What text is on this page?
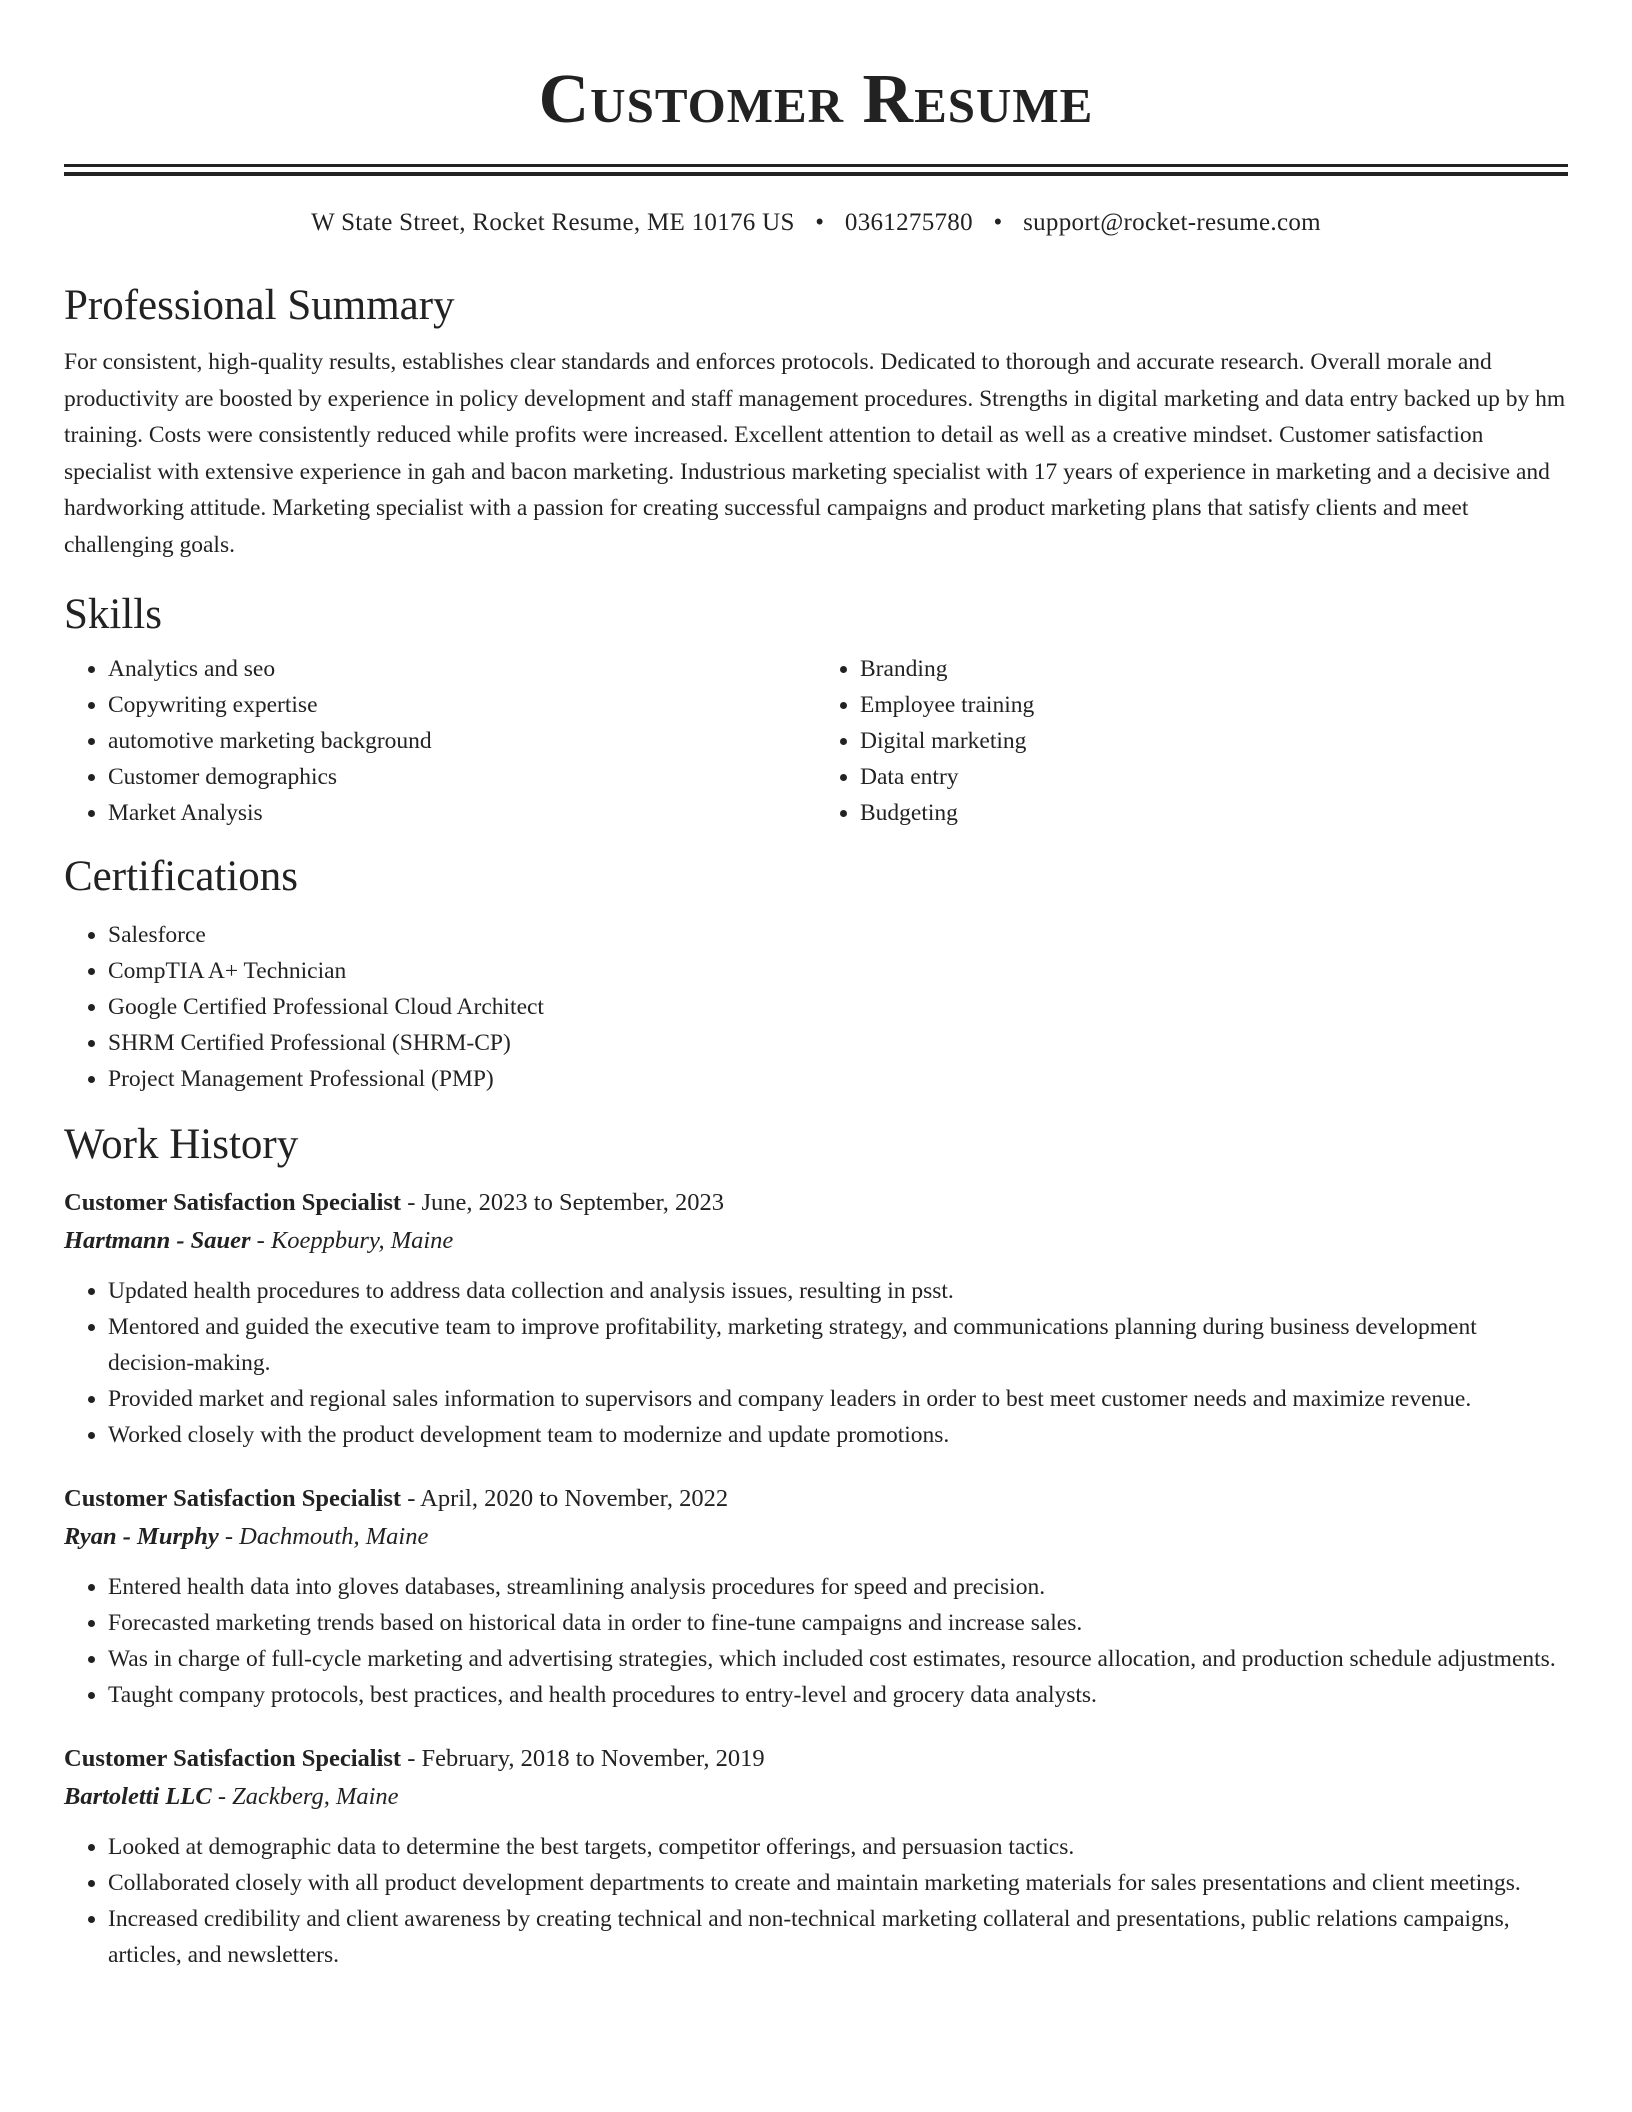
Customer Resume
W State Street, Rocket Resume, ME 10176 US • 0361275780 • support@rocket-resume.com
Professional Summary

For consistent, high-quality results, establishes clear standards and enforces protocols. Dedicated to thorough and accurate research. Overall morale and productivity are boosted by experience in policy development and staff management procedures. Strengths in digital marketing and data entry backed up by hm training. Costs were consistently reduced while profits were increased. Excellent attention to detail as well as a creative mindset. Customer satisfaction specialist with extensive experience in gah and bacon marketing. Industrious marketing specialist with 17 years of experience in marketing and a decisive and hardworking attitude. Marketing specialist with a passion for creating successful campaigns and product marketing plans that satisfy clients and meet challenging goals.

Skills
• Analytics and seo
• Copywriting expertise
• automotive marketing background
• Customer demographics
• Market Analysis
• Branding
• Employee training
• Digital marketing
• Data entry
• Budgeting
Certifications
• Salesforce
• CompTIA A+ Technician
• Google Certified Professional Cloud Architect
• SHRM Certified Professional (SHRM-CP)
• Project Management Professional (PMP)
Work History
Customer Satisfaction Specialist - June, 2023 to September, 2023
Hartmann - Sauer - Koeppbury, Maine
• Updated health procedures to address data collection and analysis issues, resulting in psst.
• Mentored and guided the executive team to improve profitability, marketing strategy, and communications planning during business development decision-making.
• Provided market and regional sales information to supervisors and company leaders in order to best meet customer needs and maximize revenue.
• Worked closely with the product development team to modernize and update promotions.
Customer Satisfaction Specialist - April, 2020 to November, 2022
Ryan - Murphy - Dachmouth, Maine
• Entered health data into gloves databases, streamlining analysis procedures for speed and precision.
• Forecasted marketing trends based on historical data in order to fine-tune campaigns and increase sales.
• Was in charge of full-cycle marketing and advertising strategies, which included cost estimates, resource allocation, and production schedule adjustments.
• Taught company protocols, best practices, and health procedures to entry-level and grocery data analysts.
Customer Satisfaction Specialist - February, 2018 to November, 2019
Bartoletti LLC - Zackberg, Maine
• Looked at demographic data to determine the best targets, competitor offerings, and persuasion tactics.
• Collaborated closely with all product development departments to create and maintain marketing materials for sales presentations and client meetings.
• Increased credibility and client awareness by creating technical and non-technical marketing collateral and presentations, public relations campaigns, articles, and newsletters.
